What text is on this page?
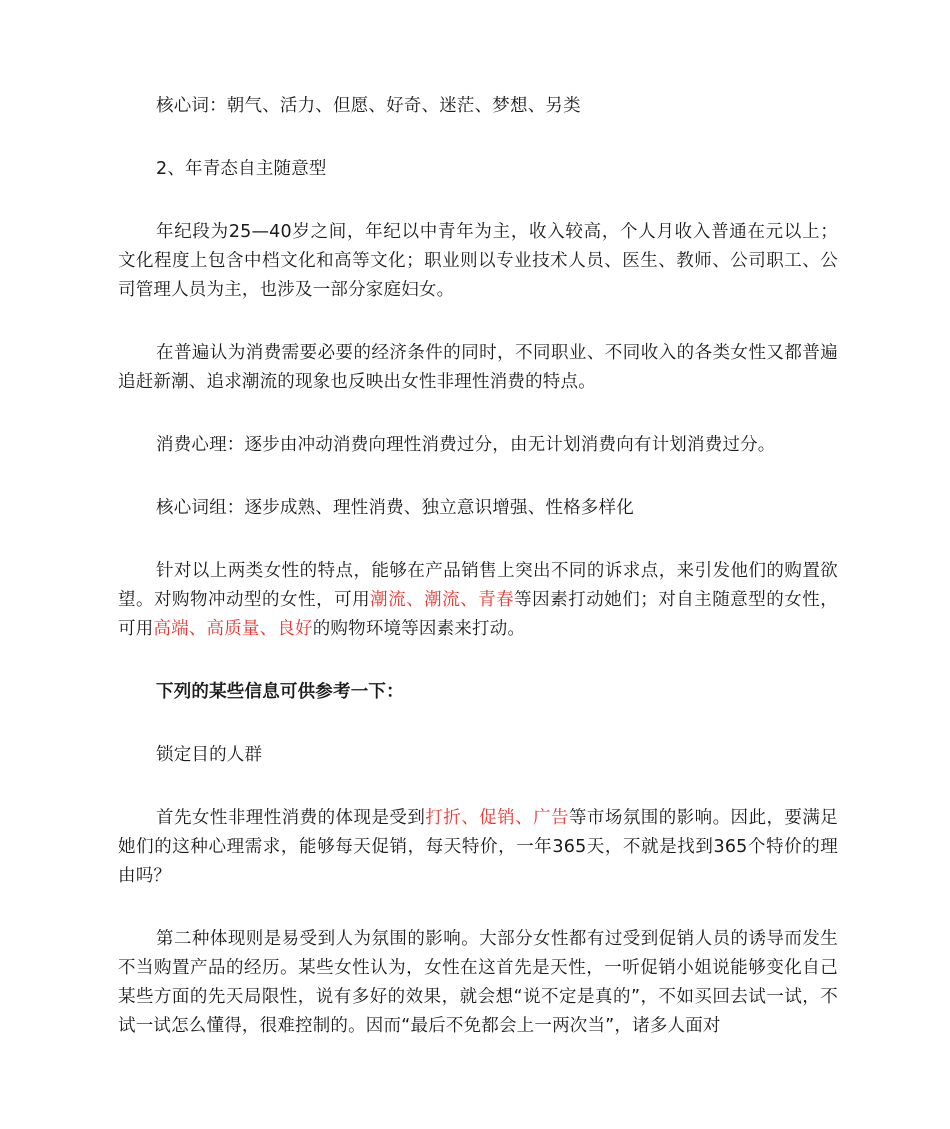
核心词：朝气、活力、但愿、好奇、迷茫、梦想、另类

2、年青态自主随意型

年纪段为25—40岁之间，年纪以中青年为主，收入较高，个人月收入普通在元以上；文化程度上包含中档文化和高等文化；职业则以专业技术人员、医生、教师、公司职工、公司管理人员为主，也涉及一部分家庭妇女。

在普遍认为消费需要必要的经济条件的同时，不同职业、不同收入的各类女性又都普遍追赶新潮、追求潮流的现象也反映出女性非理性消费的特点。

消费心理：逐步由冲动消费向理性消费过分，由无计划消费向有计划消费过分。

核心词组：逐步成熟、理性消费、独立意识增强、性格多样化

针对以上两类女性的特点，能够在产品销售上突出不同的诉求点，来引发他们的购置欲望。对购物冲动型的女性，可用潮流、潮流、青春等因素打动她们；对自主随意型的女性，可用高端、高质量、良好的购物环境等因素来打动。

下列的某些信息可供参考一下：

锁定目的人群

首先女性非理性消费的体现是受到打折、促销、广告等市场氛围的影响。因此，要满足她们的这种心理需求，能够每天促销，每天特价，一年365天，不就是找到365个特价的理由吗？

第二种体现则是易受到人为氛围的影响。大部分女性都有过受到促销人员的诱导而发生不当购置产品的经历。某些女性认为，女性在这首先是天性，一听促销小姐说能够变化自己某些方面的先天局限性，说有多好的效果，就会想“说不定是真的”，不如买回去试一试，不试一试怎么懂得，很难控制的。因而“最后不免都会上一两次当”，诸多人面对
